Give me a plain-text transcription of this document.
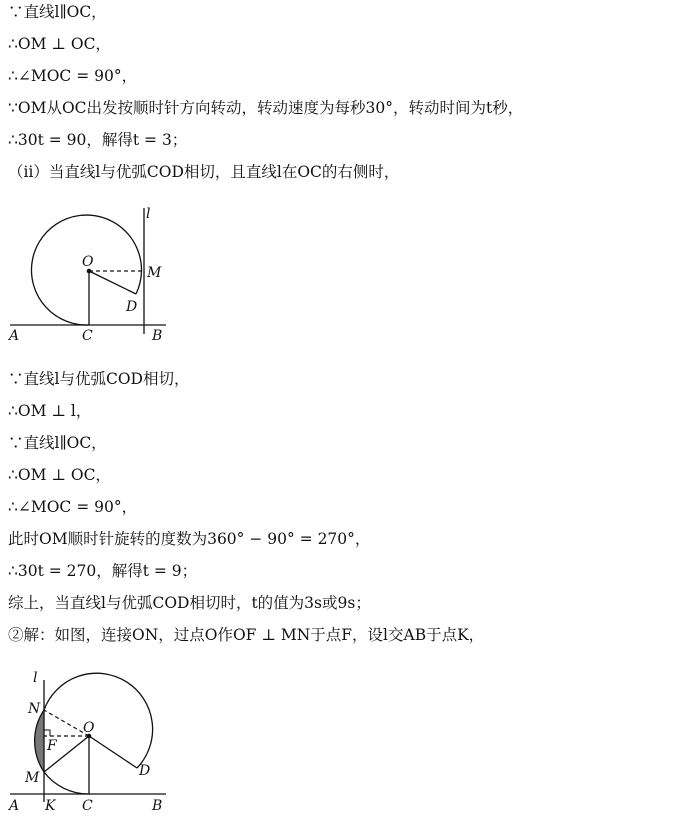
∵直线l∥OC，
∴OM ⊥ OC，
∴∠MOC = 90°，
∵OM从OC出发按顺时针方向转动，转动速度为每秒30°，转动时间为t秒，
∴30t = 90，解得t = 3；
（ⅱ）当直线l与优弧COD相切，且直线l在OC的右侧时，
l
O
M
D
A	C	B
∵直线l与优弧COD相切，
∴OM ⊥ l，
∵直线l∥OC，
∴OM ⊥ OC，
∴∠MOC = 90°，
此时OM顺时针旋转的度数为360° − 90° = 270°，
∴30t = 270，解得t = 9；
综上，当直线l与优弧COD相切时，t的值为3s或9s；
②解：如图，连接ON，过点O作OF ⊥ MN于点F，设l交AB于点K，
l
N
O
F
M	D
A K C	B
